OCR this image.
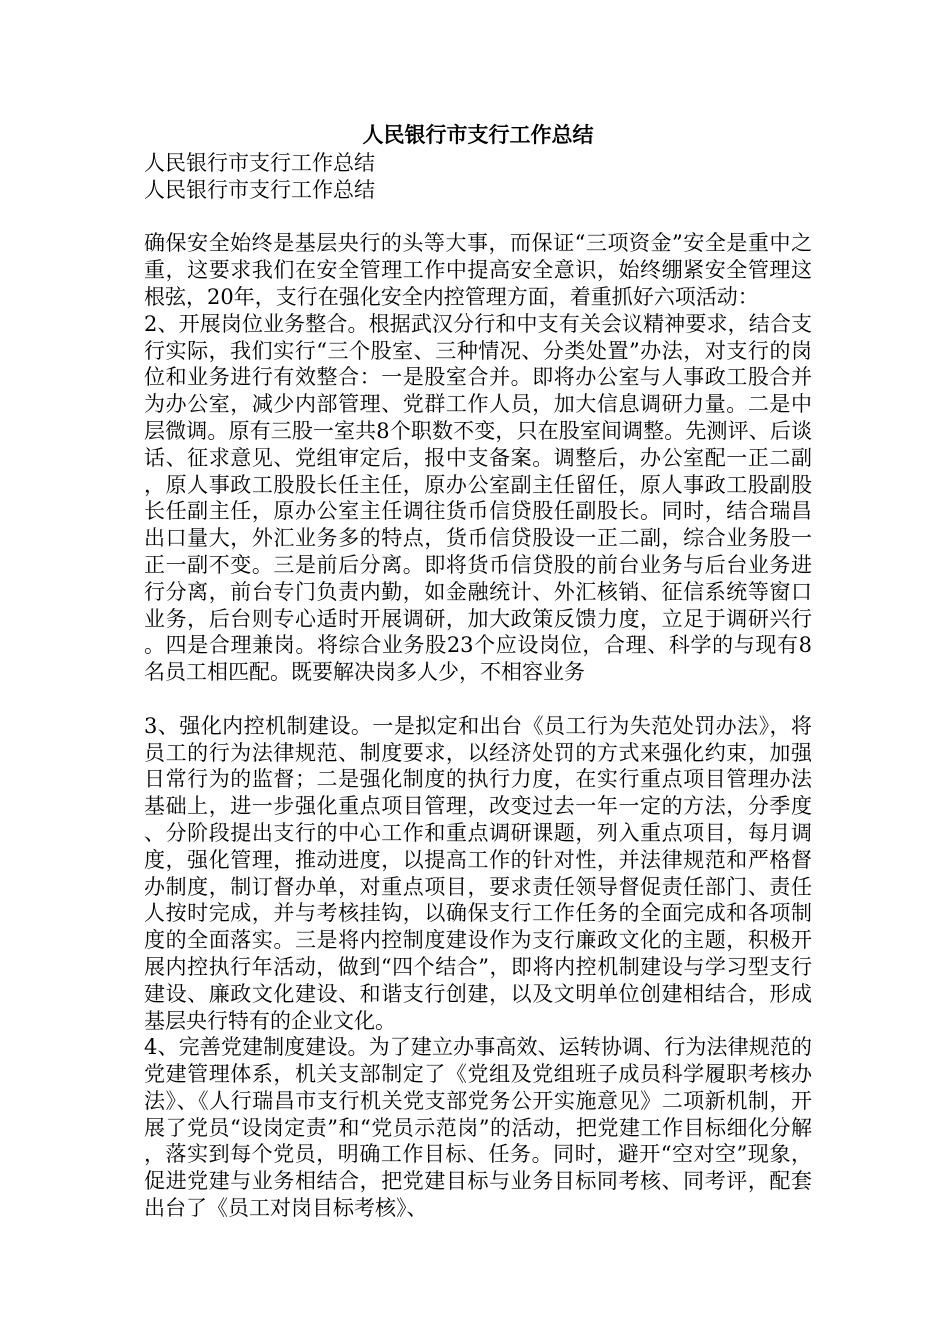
人民银行市支行工作总结

人民银行市支行工作总结

人民银行市支行工作总结

确保安全始终是基层央行的头等大事，而保证“三项资金”安全是重中之重，这要求我们在安全管理工作中提高安全意识，始终绷紧安全管理这根弦，20年，支行在强化安全内控管理方面，着重抓好六项活动：

2、开展岗位业务整合。根据武汉分行和中支有关会议精神要求，结合支行实际，我们实行“三个股室、三种情况、分类处置”办法，对支行的岗位和业务进行有效整合：一是股室合并。即将办公室与人事政工股合并为办公室，减少内部管理、党群工作人员，加大信息调研力量。二是中层微调。原有三股一室共8个职数不变，只在股室间调整。先测评、后谈话、征求意见、党组审定后，报中支备案。调整后，办公室配一正二副，原人事政工股股长任主任，原办公室副主任留任，原人事政工股副股长任副主任，原办公室主任调往货币信贷股任副股长。同时，结合瑞昌出口量大，外汇业务多的特点，货币信贷股设一正二副，综合业务股一正一副不变。三是前后分离。即将货币信贷股的前台业务与后台业务进行分离，前台专门负责内勤，如金融统计、外汇核销、征信系统等窗口业务，后台则专心适时开展调研，加大政策反馈力度，立足于调研兴行。四是合理兼岗。将综合业务股23个应设岗位，合理、科学的与现有8名员工相匹配。既要解决岗多人少，不相容业务

3、强化内控机制建设。一是拟定和出台《员工行为失范处罚办法》，将员工的行为法律规范、制度要求，以经济处罚的方式来强化约束，加强日常行为的监督；二是强化制度的执行力度，在实行重点项目管理办法基础上，进一步强化重点项目管理，改变过去一年一定的方法，分季度、分阶段提出支行的中心工作和重点调研课题，列入重点项目，每月调度，强化管理，推动进度，以提高工作的针对性，并法律规范和严格督办制度，制订督办单，对重点项目，要求责任领导督促责任部门、责任人按时完成，并与考核挂钩，以确保支行工作任务的全面完成和各项制度的全面落实。三是将内控制度建设作为支行廉政文化的主题，积极开展内控执行年活动，做到“四个结合”，即将内控机制建设与学习型支行建设、廉政文化建设、和谐支行创建，以及文明单位创建相结合，形成基层央行特有的企业文化。

4、完善党建制度建设。为了建立办事高效、运转协调、行为法律规范的党建管理体系，机关支部制定了《党组及党组班子成员科学履职考核办法》、《人行瑞昌市支行机关党支部党务公开实施意见》二项新机制，开展了党员“设岗定责”和“党员示范岗”的活动，把党建工作目标细化分解，落实到每个党员，明确工作目标、任务。同时，避开“空对空”现象，促进党建与业务相结合，把党建目标与业务目标同考核、同考评，配套出台了《员工对岗目标考核》、
